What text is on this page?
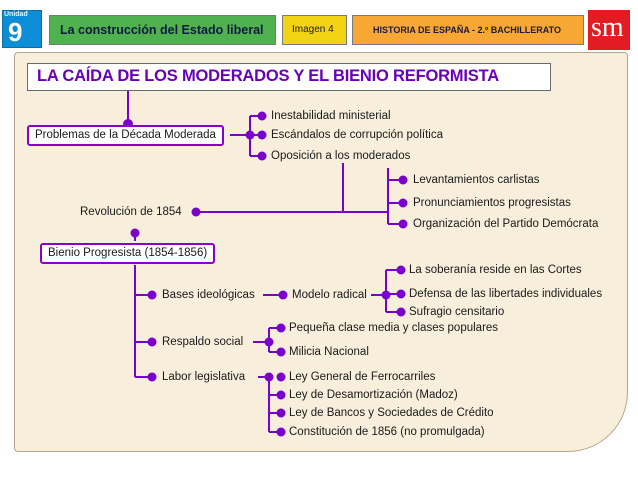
Unidad
9	La construcción del Estado liberal	Imagen 4	HISTORIA DE ESPAÑA - 2.º BACHILLERATO sm
LA CAÍDA DE LOS MODERADOS Y EL BIENIO REFORMISTA
Problemas de la Década Moderada
Inestabilidad ministerial
Escándalos de corrupción política
Oposición a los moderados
Levantamientos carlistas
Pronunciamientos progresistas
Organización del Partido Demócrata
Revolución de 1854
Bienio Progresista (1854-1856)
Bases ideológicas	Modelo radical
La soberanía reside en las Cortes
Defensa de las libertades individuales
Sufragio censitario
Respaldo social
Pequeña clase media y clases populares
Milicia Nacional
Labor legislativa	Ley General de Ferrocarriles
Ley de Desamortización (Madoz)
Ley de Bancos y Sociedades de Crédito
Constitución de 1856 (no promulgada)
